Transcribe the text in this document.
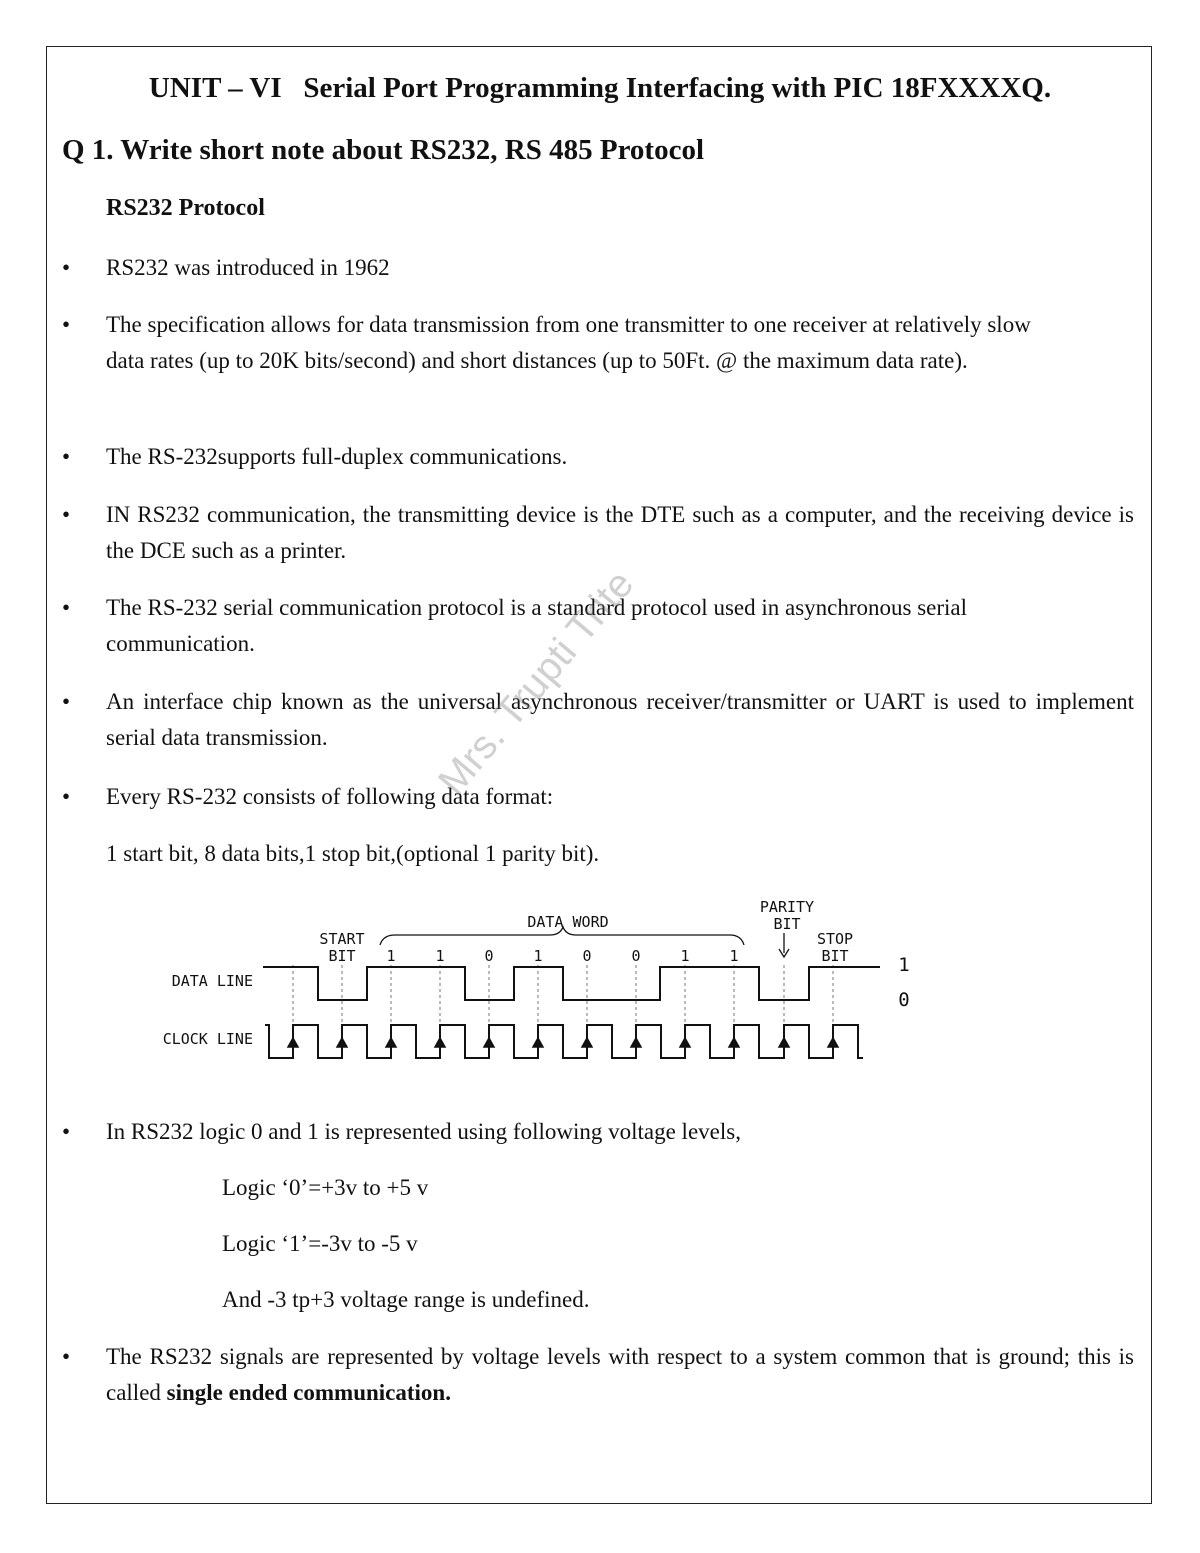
UNIT – VI   Serial Port Programming Interfacing with PIC 18FXXXXQ.
Q 1. Write short note about RS232, RS 485 Protocol
RS232 Protocol
•	RS232 was introduced in 1962
•	The specification allows for data transmission from one transmitter to one receiver at relatively slow data rates (up to 20K bits/second) and short distances (up to 50Ft. @ the maximum data rate).
•	The RS-232supports full-duplex communications.
•	IN RS232 communication, the transmitting device is the DTE such as a computer, and the receiving device is the DCE such as a printer.
•	The RS-232 serial communication protocol is a standard protocol used in asynchronous serial communication.
•	An interface chip known as the universal asynchronous receiver/transmitter or UART is used to implement serial data transmission.
•	Every RS-232 consists of following data format:
1 start bit, 8 data bits,1 stop bit,(optional 1 parity bit).
Mrs. Trupti Trite
DATA WORD
PARITY
BIT
START
BIT
STOP
BIT
DATA LINE
CLOCK LINE
1	1	0	1	0	0	1	1	1
0
•	In RS232 logic 0 and 1 is represented using following voltage levels,
Logic ‘0’=+3v to +5 v
Logic ‘1’=-3v to -5 v
And -3 tp+3 voltage range is undefined.
•	The RS232 signals are represented by voltage levels with respect to a system common that is ground; this is called single ended communication.
